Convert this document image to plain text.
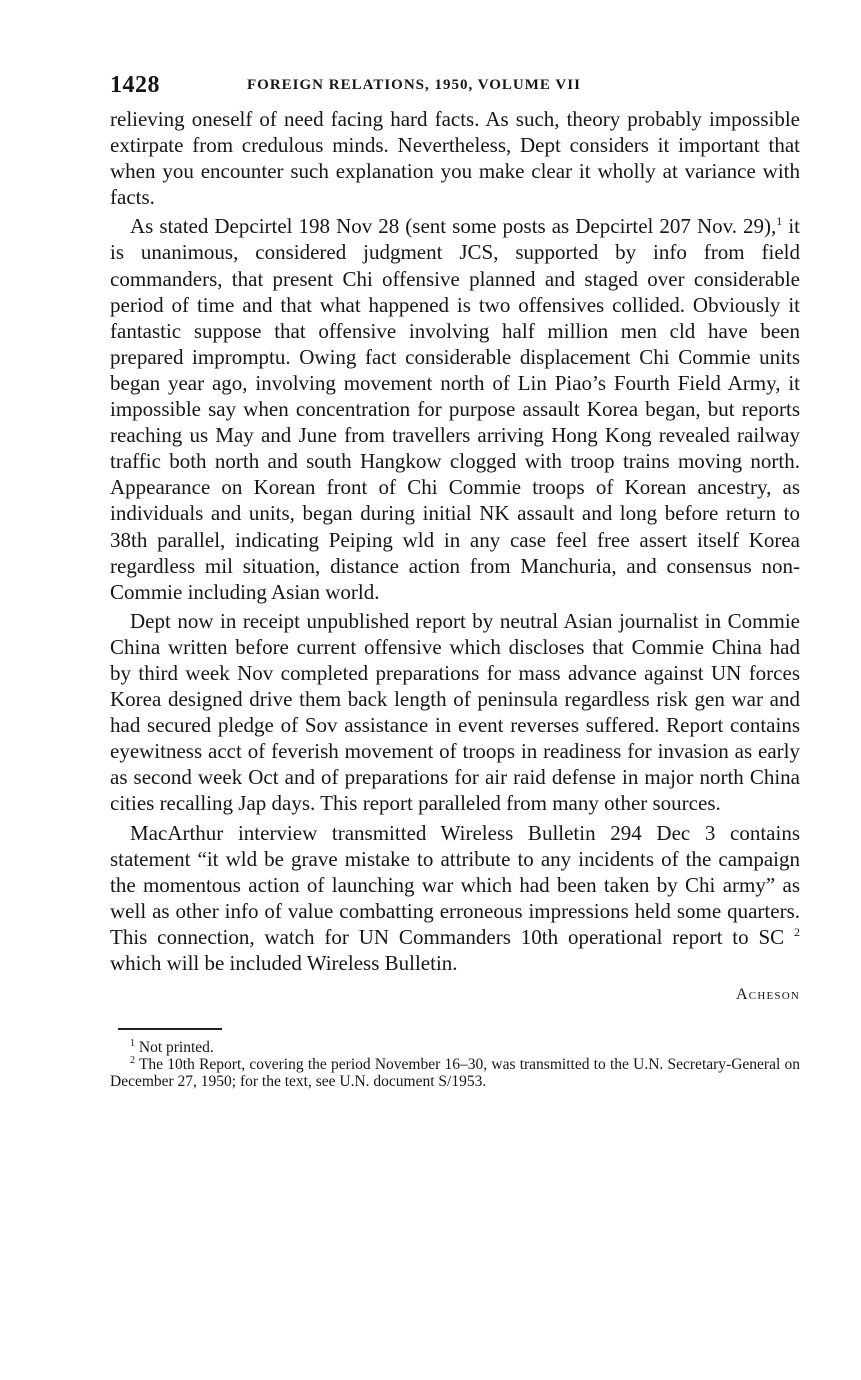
1428	FOREIGN RELATIONS, 1950, VOLUME VII

relieving oneself of need facing hard facts. As such, theory probably impossible extirpate from credulous minds. Nevertheless, Dept considers it important that when you encounter such explanation you make clear it wholly at variance with facts.

As stated Depcirtel 198 Nov 28 (sent some posts as Depcirtel 207 Nov. 29),$^1$ it is unanimous, considered judgment JCS, supported by info from field commanders, that present Chi offensive planned and staged over considerable period of time and that what happened is two offensives collided. Obviously it fantastic suppose that offensive involving half million men cld have been prepared impromptu. Owing fact considerable displacement Chi Commie units began year ago, involving movement north of Lin Piao’s Fourth Field Army, it impossible say when concentration for purpose assault Korea began, but reports reaching us May and June from travellers arriving Hong Kong revealed railway traffic both north and south Hangkow clogged with troop trains moving north. Appearance on Korean front of Chi Commie troops of Korean ancestry, as individuals and units, began during initial NK assault and long before return to 38th parallel, indicating Peiping wld in any case feel free assert itself Korea regardless mil situation, distance action from Manchuria, and consensus non-Commie including Asian world.

Dept now in receipt unpublished report by neutral Asian journalist in Commie China written before current offensive which discloses that Commie China had by third week Nov completed preparations for mass advance against UN forces Korea designed drive them back length of peninsula regardless risk gen war and had secured pledge of Sov assistance in event reverses suffered. Report contains eyewitness acct of feverish movement of troops in readiness for invasion as early as second week Oct and of preparations for air raid defense in major north China cities recalling Jap days. This report paralleled from many other sources.

MacArthur interview transmitted Wireless Bulletin 294 Dec 3 contains statement “it wld be grave mistake to attribute to any incidents of the campaign the momentous action of launching war which had been taken by Chi army” as well as other info of value combatting erroneous impressions held some quarters. This connection, watch for UN Commanders 10th operational report to SC $^2$ which will be included Wireless Bulletin.

Acheson

$^1$ Not printed.

$^2$ The 10th Report, covering the period November 16–30, was transmitted to the U.N. Secretary-General on December 27, 1950; for the text, see U.N. document S/1953.
